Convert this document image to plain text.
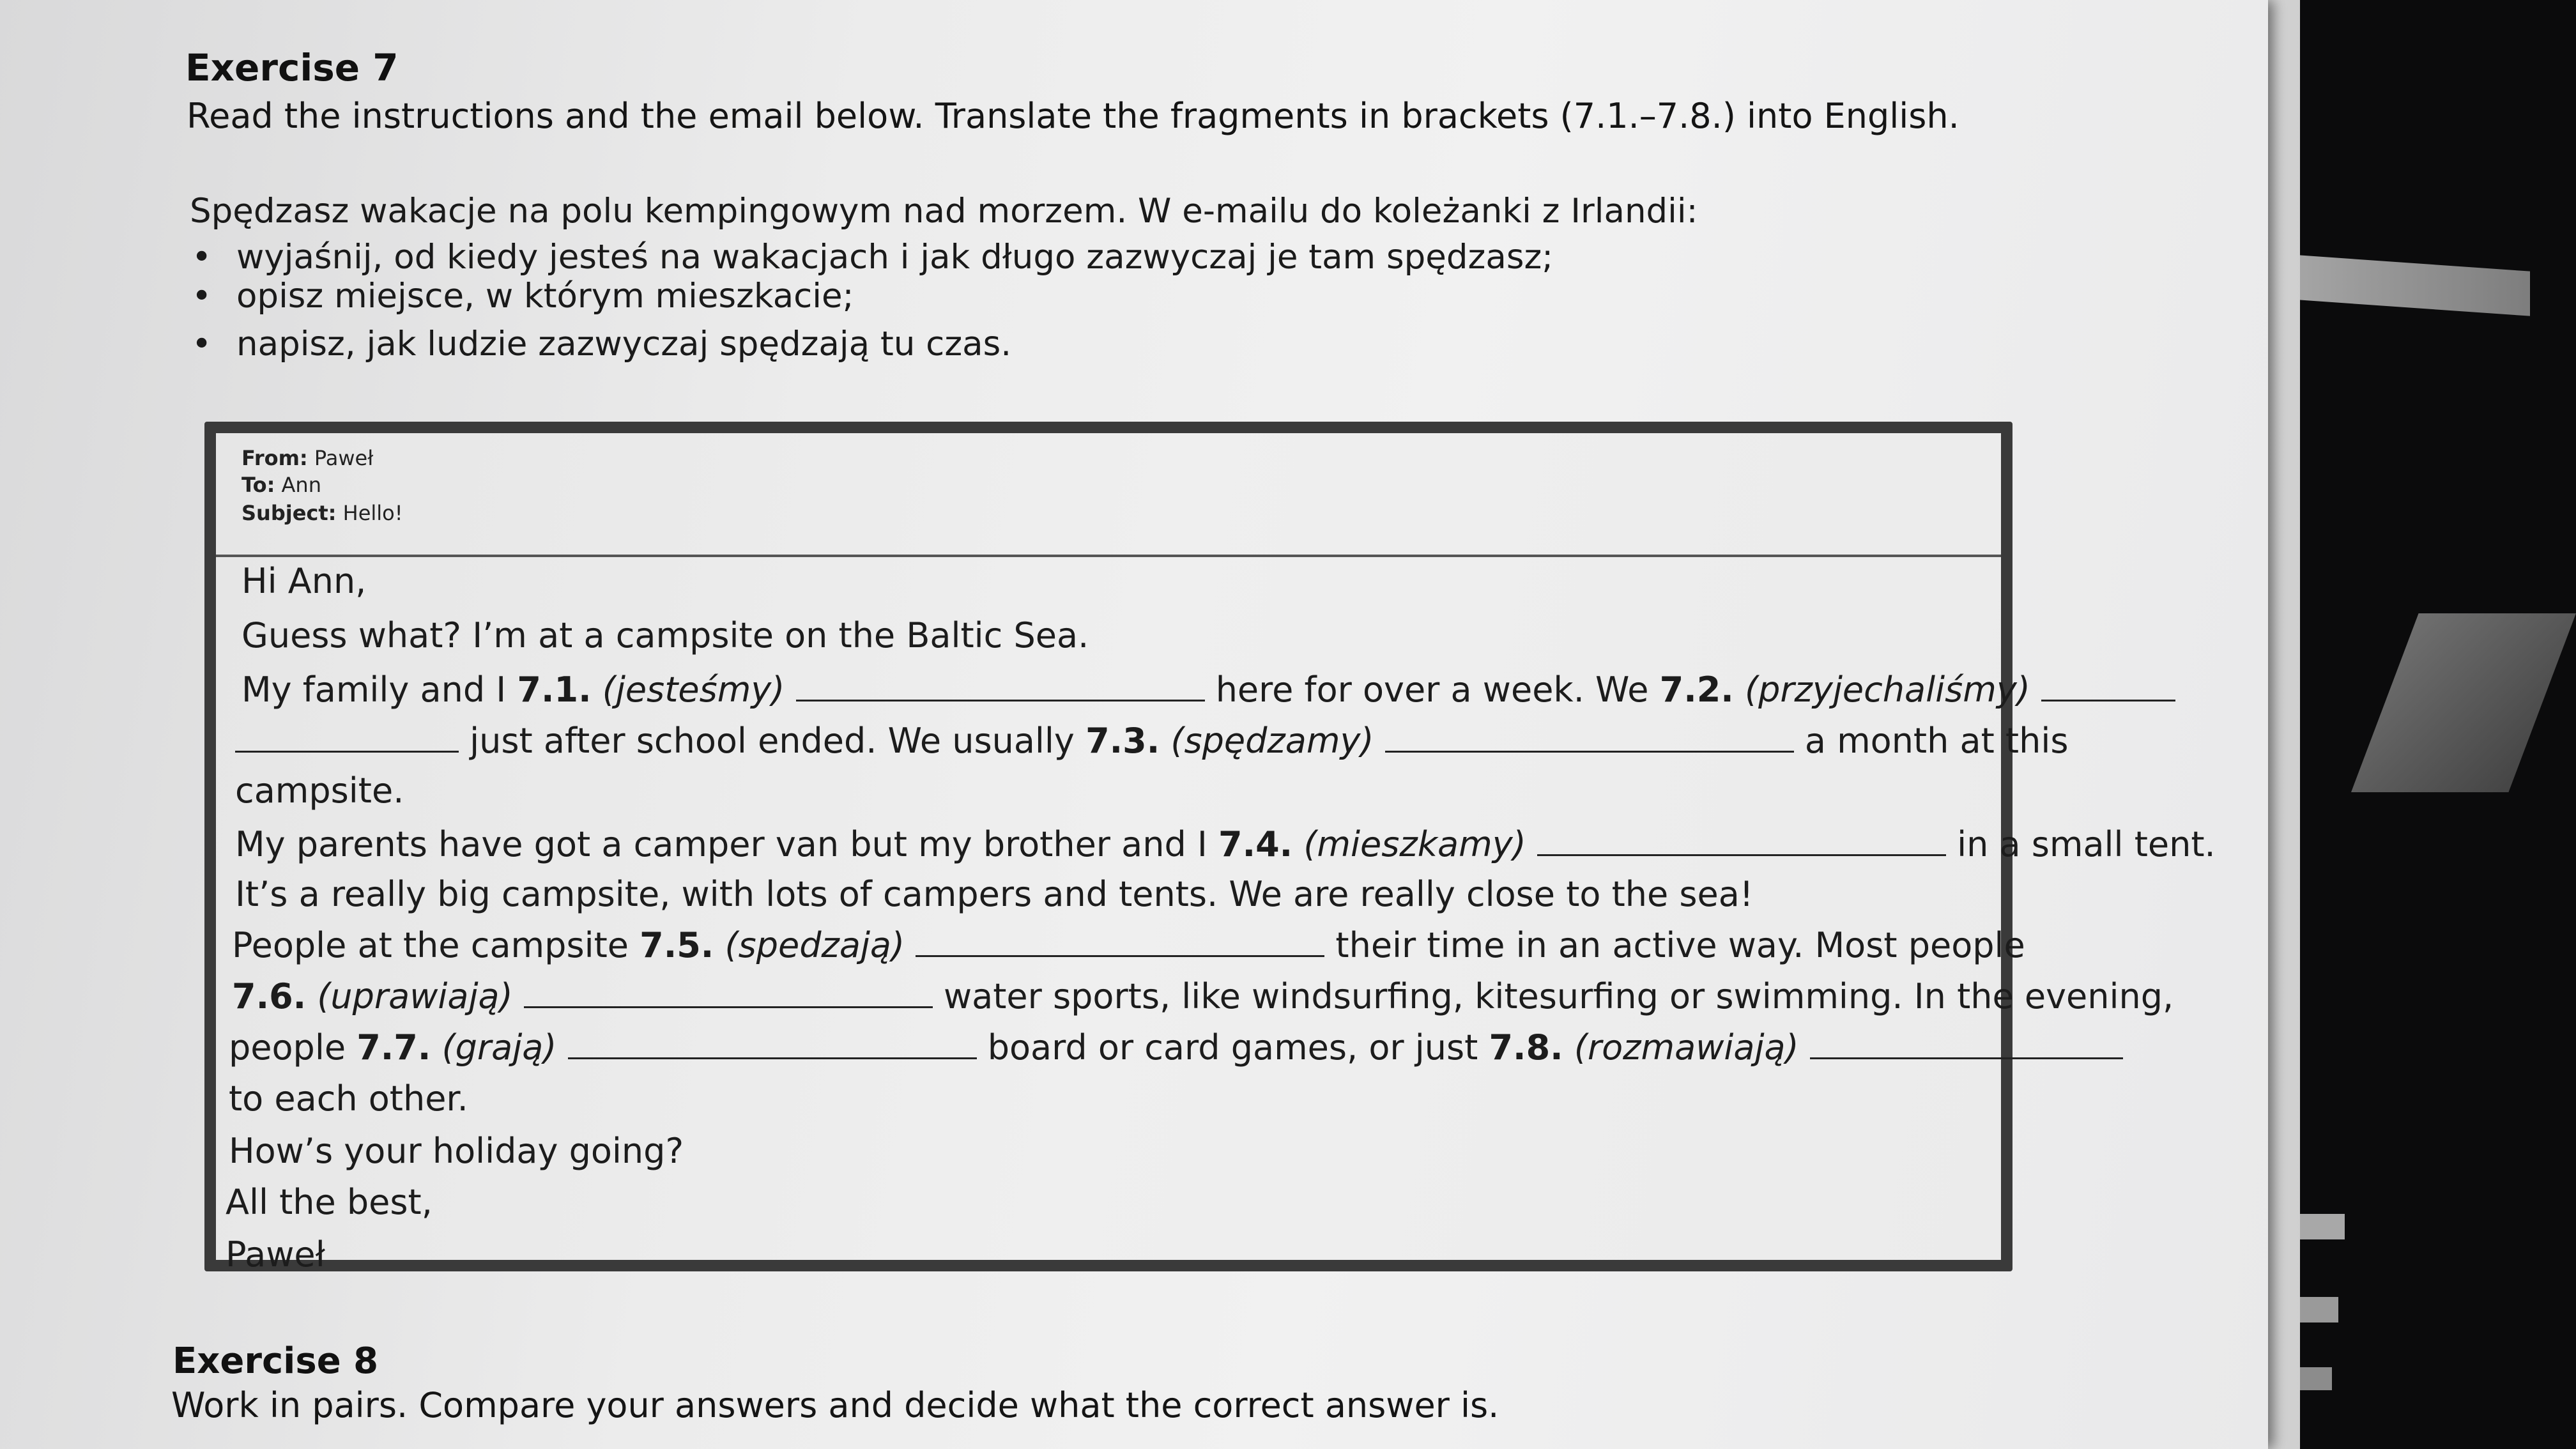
Exercise 7
Read the instructions and the email below. Translate the fragments in brackets (7.1.–7.8.) into English.
Spędzasz wakacje na polu kempingowym nad morzem. W e-mailu do koleżanki z Irlandii:
• wyjaśnij, od kiedy jesteś na wakacjach i jak długo zazwyczaj je tam spędzasz;
• opisz miejsce, w którym mieszkacie;
• napisz, jak ludzie zazwyczaj spędzają tu czas.
From: Paweł
To: Ann
Subject: Hello!
Hi Ann,
Guess what? I’m at a campsite on the Baltic Sea.
My family and I 7.1. (jesteśmy)	here for over a week. We 7.2. (przyjechaliśmy)
just after school ended. We usually 7.3. (spędzamy)	a month at this
campsite.
My parents have got a camper van but my brother and I 7.4. (mieszkamy)	in a small tent.
It’s a really big campsite, with lots of campers and tents. We are really close to the sea!
People at the campsite 7.5. (spedzają)	their time in an active way. Most people
7.6. (uprawiają)	water sports, like windsurfing, kitesurfing or swimming. In the evening,
people 7.7. (grają)	board or card games, or just 7.8. (rozmawiają)
to each other.
How’s your holiday going?
All the best,
Paweł
Exercise 8
Work in pairs. Compare your answers and decide what the correct answer is.
